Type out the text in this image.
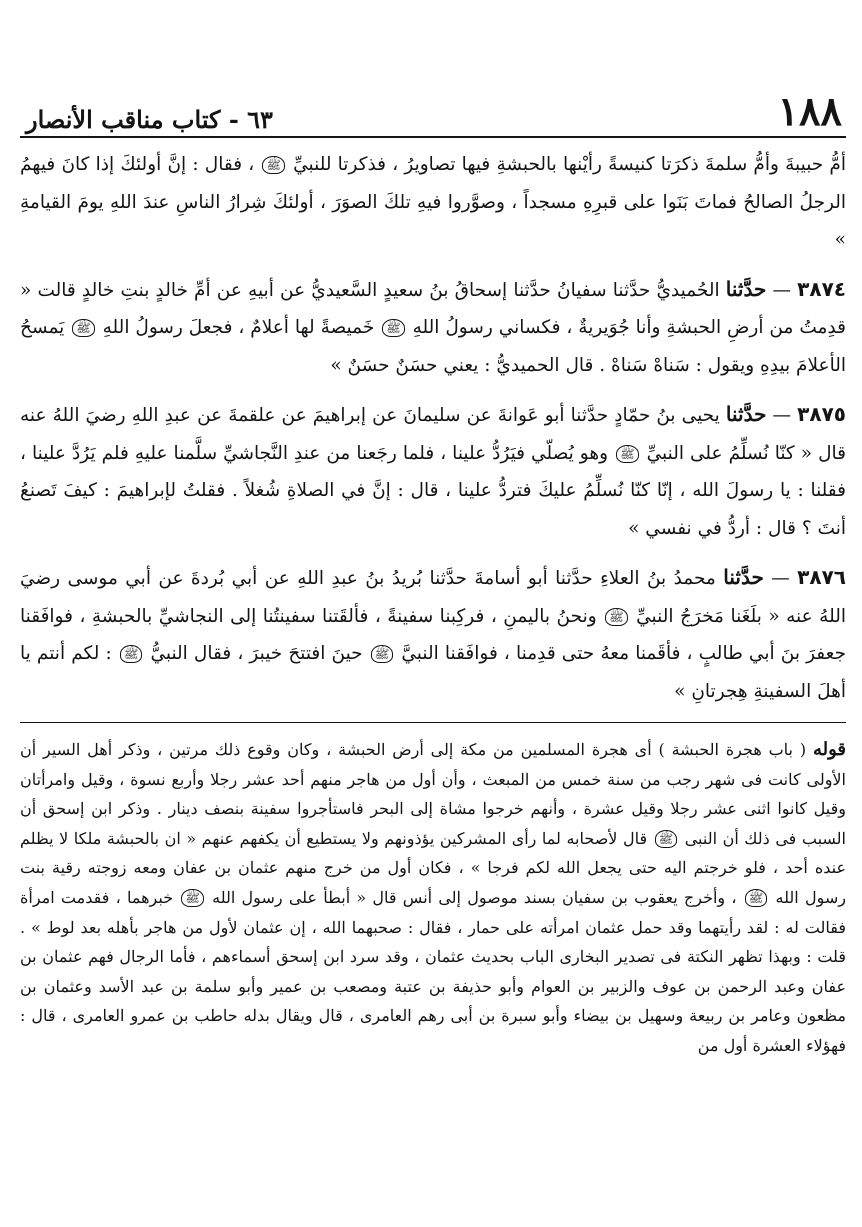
١٨٨
٦٣ - كتاب مناقب الأنصار

أمُّ حبيبةَ وأمُّ سلمةَ ذكرَتا كنيسةً رأيْنها بالحبشةِ فيها تصاويرُ ، فذكرتا للنبيِّ ﷺ ، فقال : إنَّ أولئكَ إذا كانَ فيهمُ الرجلُ الصالحُ فماتَ بَنَوا على قبرِهِ مسجداً ، وصوَّروا فيهِ تلكَ الصوَرَ ، أولئكَ شِرارُ الناسِ عندَ اللهِ يومَ القيامةِ »

٣٨٧٤ — حدَّثنا الحُميديُّ حدَّثنا سفيانُ حدَّثنا إسحاقُ بنُ سعيدٍ السَّعيديُّ عن أبيهِ عن أمِّ خالدٍ بنتِ خالدٍ قالت « قدِمتُ من أرضِ الحبشةِ وأنا جُوَيريةٌ ، فكساني رسولُ اللهِ ﷺ خَميصةً لها أعلامٌ ، فجعلَ رسولُ اللهِ ﷺ يَمسحُ الأعلامَ بيدِهِ ويقول : سَناهْ سَناهْ . قال الحميديُّ : يعني حسَنٌ حسَنٌ »

٣٨٧٥ — حدَّثنا يحيى بنُ حمّادٍ حدَّثنا أبو عَوانةَ عن سليمانَ عن إبراهيمَ عن علقمةَ عن عبدِ اللهِ رضيَ اللهُ عنه قال « كنّا نُسلِّمُ على النبيِّ ﷺ وهو يُصلّي فيَرُدُّ علينا ، فلما رجَعنا من عندِ النَّجاشيِّ سلَّمنا عليهِ فلم يَرُدَّ علينا ، فقلنا : يا رسولَ الله ، إنّا كنّا نُسلِّمُ عليكَ فتردُّ علينا ، قال : إنَّ في الصلاةِ شُغلاً . فقلتُ لإبراهيمَ : كيفَ تَصنعُ أنتَ ؟ قال : أردُّ في نفسي »

٣٨٧٦ — حدَّثنا محمدُ بنُ العلاءِ حدَّثنا أبو أسامةَ حدَّثنا بُريدُ بنُ عبدِ اللهِ عن أبي بُردةَ عن أبي موسى رضيَ اللهُ عنه « بلَغَنا مَخرَجُ النبيِّ ﷺ ونحنُ باليمنِ ، فركِبنا سفينةً ، فألقَتنا سفينتُنا إلى النجاشيِّ بالحبشةِ ، فوافَقنا جعفرَ بنَ أبي طالبٍ ، فأقَمنا معهُ حتى قدِمنا ، فوافَقنا النبيَّ ﷺ حينَ افتتحَ خيبرَ ، فقال النبيُّ ﷺ : لكم أنتم يا أهلَ السفينةِ هِجرتانِ »

قوله ( باب هجرة الحبشة ) أى هجرة المسلمين من مكة إلى أرض الحبشة ، وكان وقوع ذلك مرتين ، وذكر أهل السير أن الأولى كانت فى شهر رجب من سنة خمس من المبعث ، وأن أول من هاجر منهم أحد عشر رجلا وأربع نسوة ، وقيل وامرأتان وقيل كانوا اثنى عشر رجلا وقيل عشرة ، وأنهم خرجوا مشاة إلى البحر فاستأجروا سفينة بنصف دينار . وذكر ابن إسحق أن السبب فى ذلك أن النبى ﷺ قال لأصحابه لما رأى المشركين يؤذونهم ولا يستطيع أن يكفهم عنهم « ان بالحبشة ملكا لا يظلم عنده أحد ، فلو خرجتم اليه حتى يجعل الله لكم فرجا » ، فكان أول من خرج منهم عثمان بن عفان ومعه زوجته رقية بنت رسول الله ﷺ ، وأخرج يعقوب بن سفيان بسند موصول إلى أنس قال « أبطأ على رسول الله ﷺ خبرهما ، فقدمت امرأة فقالت له : لقد رأيتهما وقد حمل عثمان امرأته على حمار ، فقال : صحبهما الله ، إن عثمان لأول من هاجر بأهله بعد لوط » . قلت : وبهذا تظهر النكتة فى تصدير البخارى الباب بحديث عثمان ، وقد سرد ابن إسحق أسماءهم ، فأما الرجال فهم عثمان بن عفان وعبد الرحمن بن عوف والزبير بن العوام وأبو حذيفة بن عتبة ومصعب بن عمير وأبو سلمة بن عبد الأسد وعثمان بن مظعون وعامر بن ربيعة وسهيل بن بيضاء وأبو سبرة بن أبى رهم العامرى ، قال ويقال بدله حاطب بن عمرو العامرى ، قال : فهؤلاء العشرة أول من
